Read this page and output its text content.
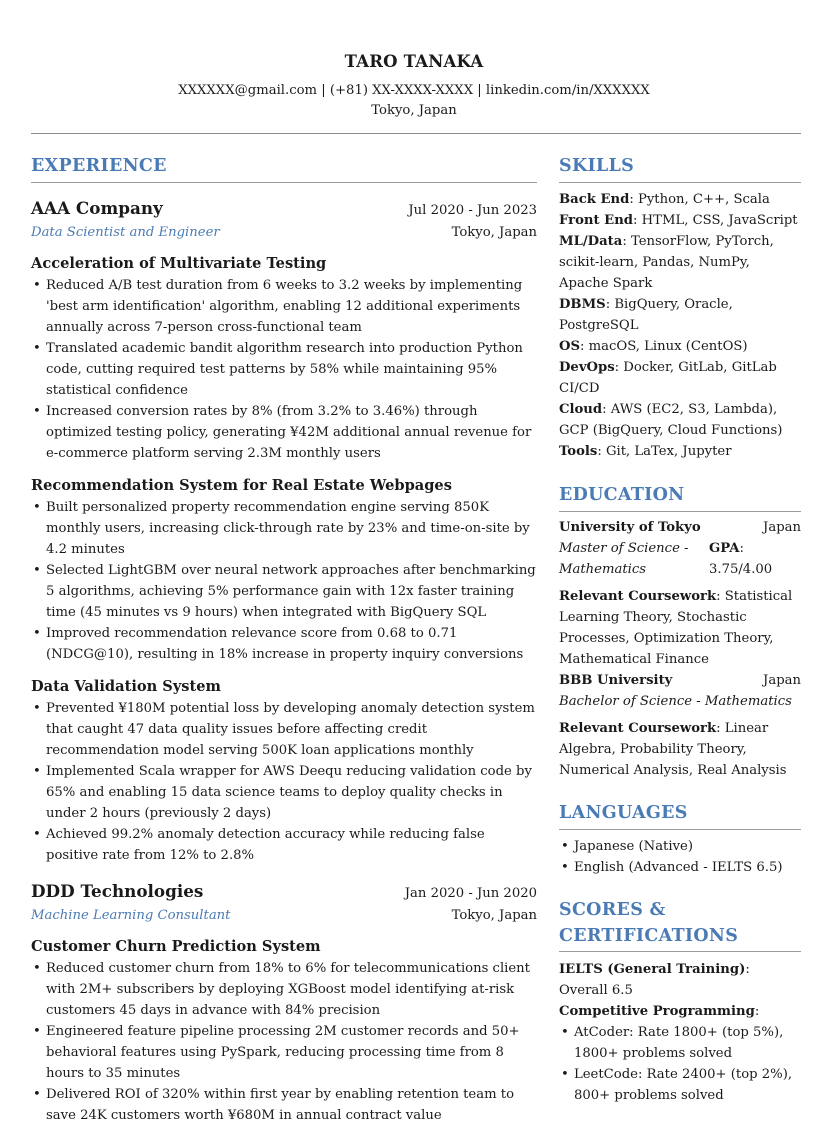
TARO TANAKA
XXXXXX@gmail.com | (+81) XX-XXXX-XXXX | linkedin.com/in/XXXXXX
Tokyo, Japan
EXPERIENCE
AAA Company	Jul 2020 - Jun 2023
Data Scientist and Engineer	Tokyo, Japan
Acceleration of Multivariate Testing
• Reduced A/B test duration from 6 weeks to 3.2 weeks by implementing 'best arm identification' algorithm, enabling 12 additional experiments annually across 7-person cross-functional team
• Translated academic bandit algorithm research into production Python code, cutting required test patterns by 58% while maintaining 95% statistical confidence
• Increased conversion rates by 8% (from 3.2% to 3.46%) through optimized testing policy, generating ¥42M additional annual revenue for e-commerce platform serving 2.3M monthly users
Recommendation System for Real Estate Webpages
• Built personalized property recommendation engine serving 850K monthly users, increasing click-through rate by 23% and time-on-site by 4.2 minutes
• Selected LightGBM over neural network approaches after benchmarking 5 algorithms, achieving 5% performance gain with 12x faster training time (45 minutes vs 9 hours) when integrated with BigQuery SQL
• Improved recommendation relevance score from 0.68 to 0.71 (NDCG@10), resulting in 18% increase in property inquiry conversions
Data Validation System
• Prevented ¥180M potential loss by developing anomaly detection system that caught 47 data quality issues before affecting credit recommendation model serving 500K loan applications monthly
• Implemented Scala wrapper for AWS Deequ reducing validation code by 65% and enabling 15 data science teams to deploy quality checks in under 2 hours (previously 2 days)
• Achieved 99.2% anomaly detection accuracy while reducing false positive rate from 12% to 2.8%
DDD Technologies	Jan 2020 - Jun 2020
Machine Learning Consultant	Tokyo, Japan
Customer Churn Prediction System
• Reduced customer churn from 18% to 6% for telecommunications client with 2M+ subscribers by deploying XGBoost model identifying at-risk customers 45 days in advance with 84% precision
• Engineered feature pipeline processing 2M customer records and 50+ behavioral features using PySpark, reducing processing time from 8 hours to 35 minutes
• Delivered ROI of 320% within first year by enabling retention team to save 24K customers worth ¥680M in annual contract value
SKILLS
Back End: Python, C++, Scala
Front End: HTML, CSS, JavaScript
ML/Data: TensorFlow, PyTorch, scikit-learn, Pandas, NumPy, Apache Spark
DBMS: BigQuery, Oracle, PostgreSQL
OS: macOS, Linux (CentOS)
DevOps: Docker, GitLab, GitLab CI/CD
Cloud: AWS (EC2, S3, Lambda), GCP (BigQuery, Cloud Functions)
Tools: Git, LaTex, Jupyter
EDUCATION
University of Tokyo	Japan
Master of Science - Mathematics
GPA: 3.75/4.00
Relevant Coursework: Statistical Learning Theory, Stochastic Processes, Optimization Theory, Mathematical Finance
BBB University	Japan
Bachelor of Science - Mathematics
Relevant Coursework: Linear Algebra, Probability Theory, Numerical Analysis, Real Analysis
LANGUAGES
• Japanese (Native)
• English (Advanced - IELTS 6.5)
SCORES & CERTIFICATIONS
IELTS (General Training): Overall 6.5
Competitive Programming:
• AtCoder: Rate 1800+ (top 5%), 1800+ problems solved
• LeetCode: Rate 2400+ (top 2%), 800+ problems solved
